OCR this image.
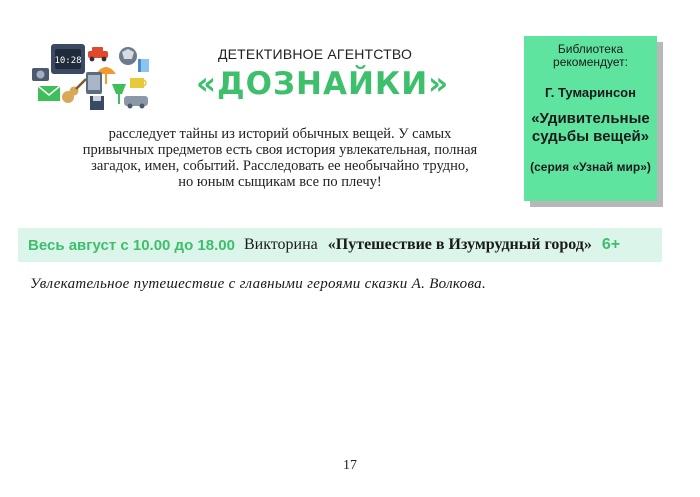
10:28	ДЕТЕКТИВНОЕ АГЕНТСТВО
«ДОЗНАЙКИ»
расследует тайны из историй обычных вещей. У самых
привычных предметов есть своя история увлекательная, полная
загадок, имен, событий. Расследовать ее необычайно трудно,
но юным сыщикам все по плечу!
Библиотека
рекомендует:
Г. Тумаринсон
«Удивительные
судьбы вещей»
(серия «Узнай мир»)
Весь август с 10.00 до 18.00 Викторина «Путешествие в Изумрудный город» 6+
Увлекательное путешествие с главными героями сказки А. Волкова.
17
